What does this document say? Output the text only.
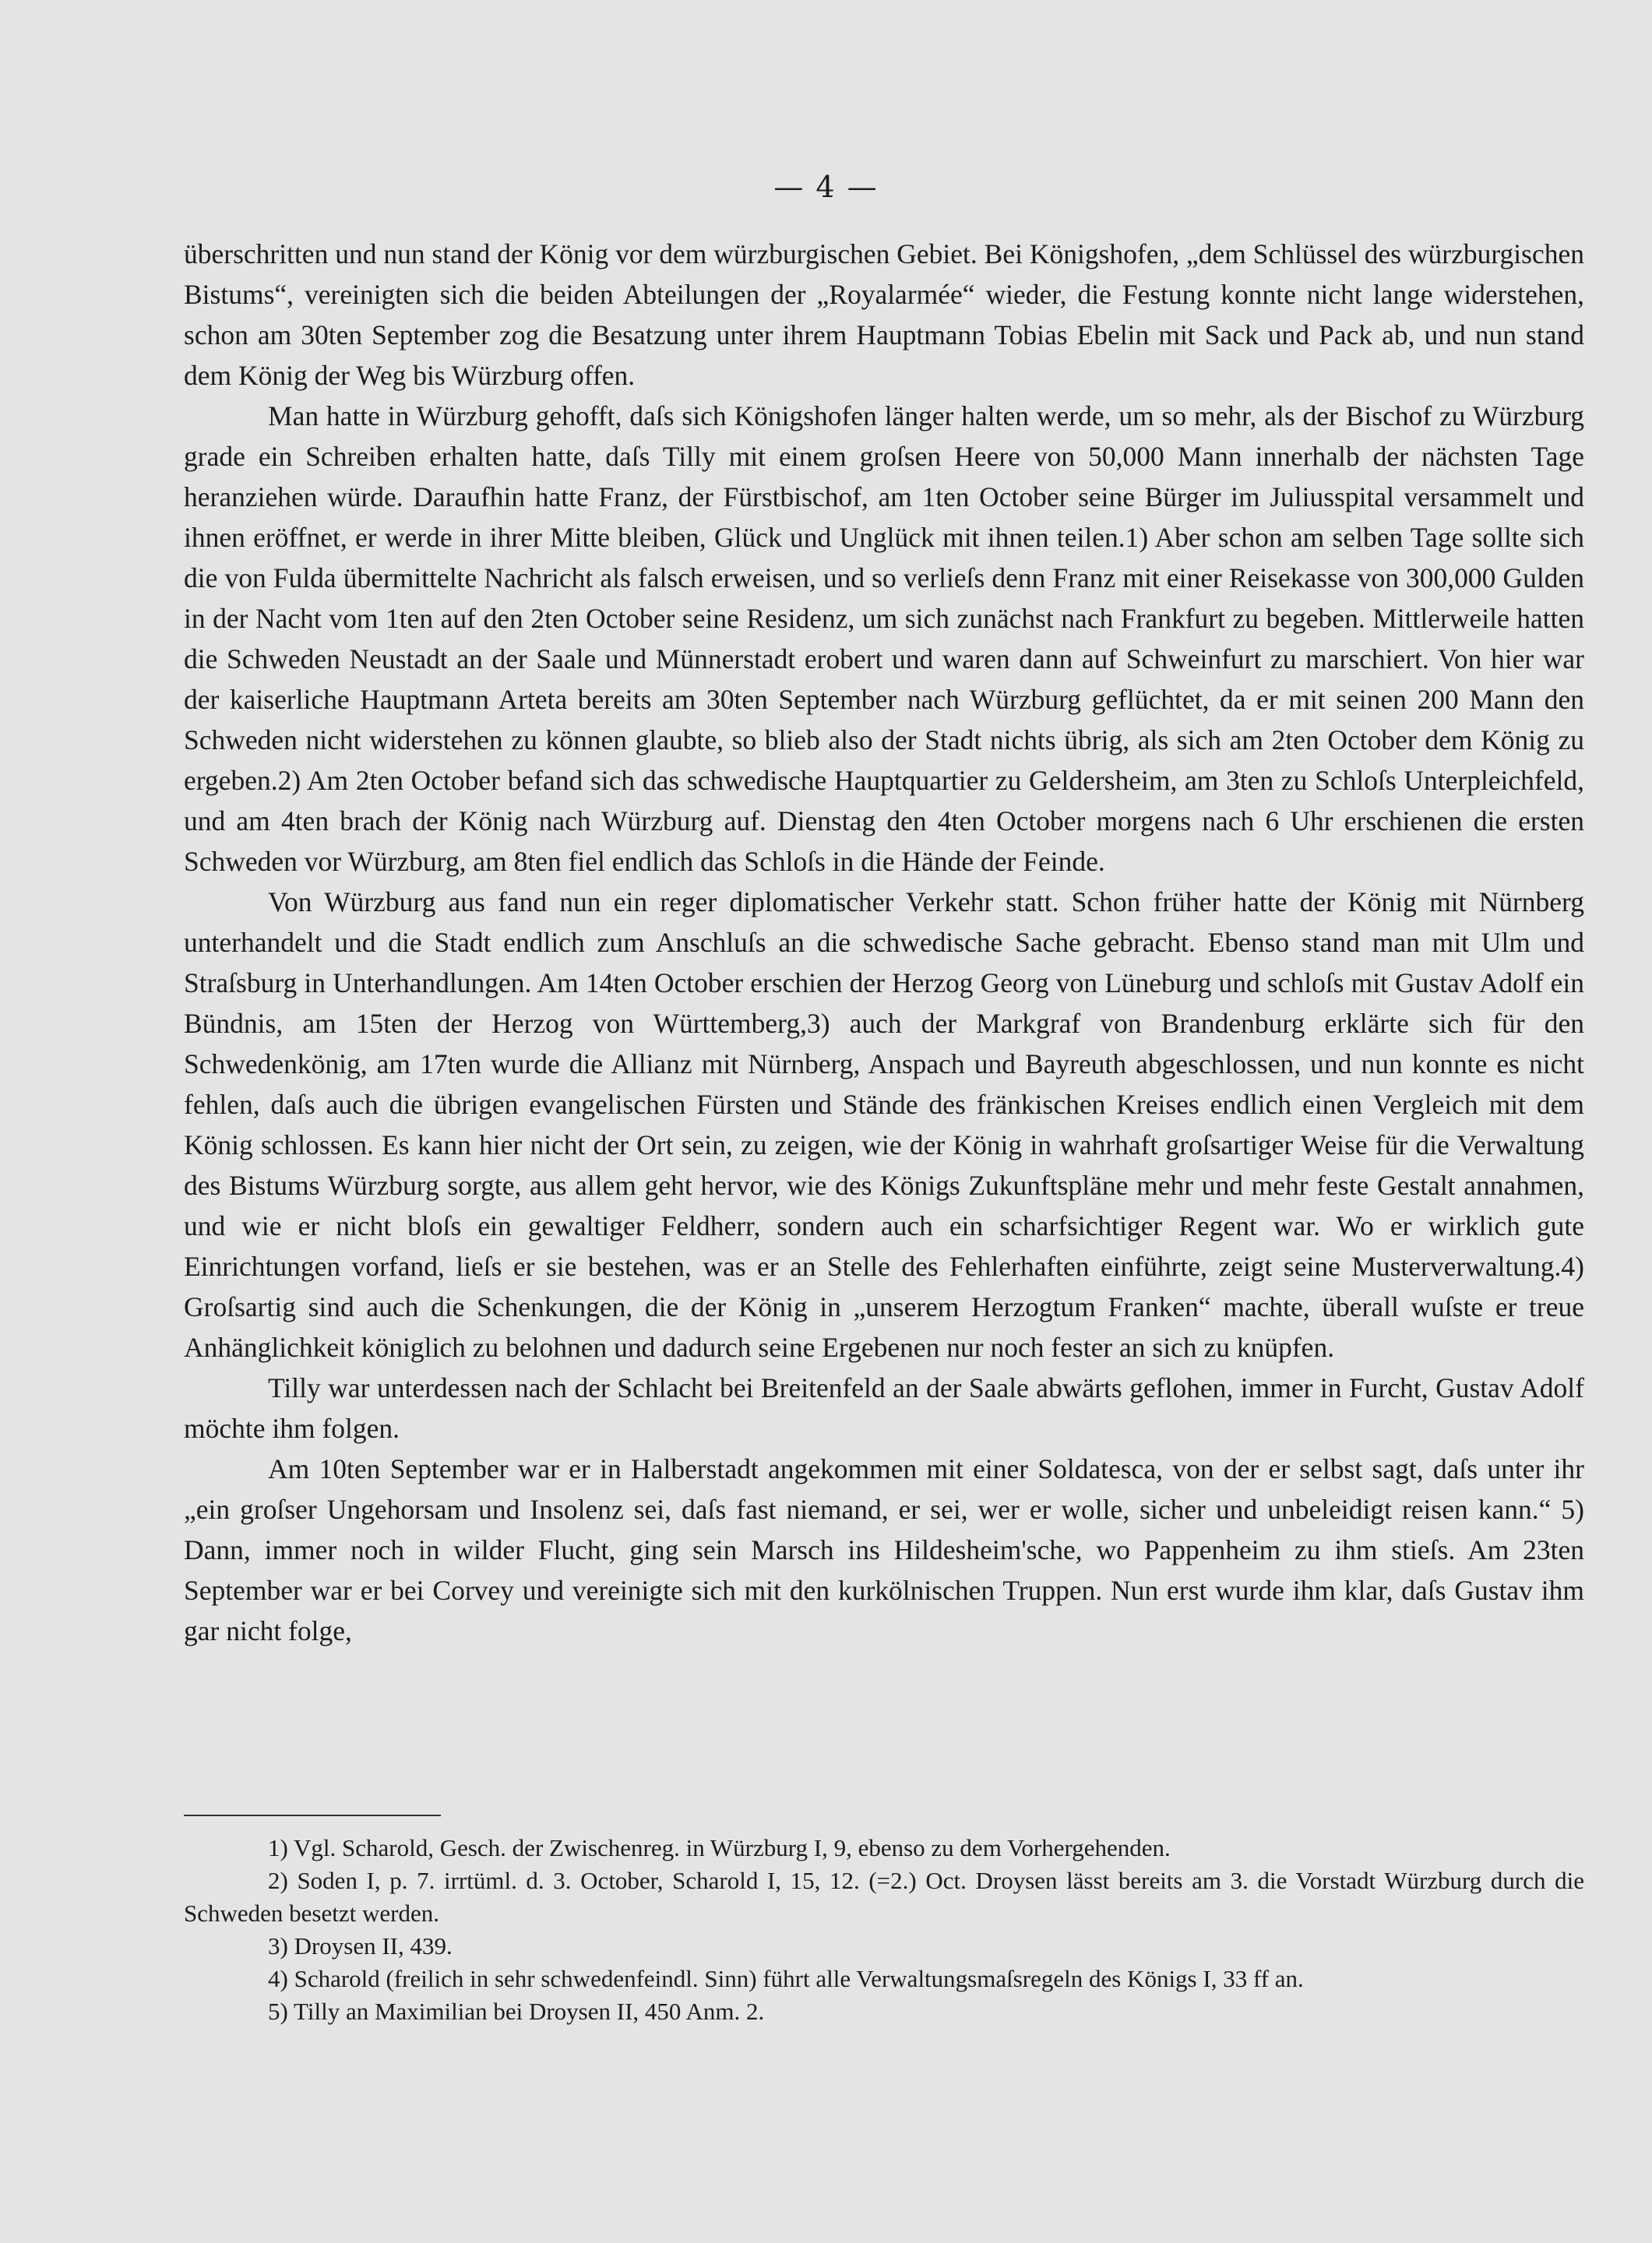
— 4 —

überschritten und nun stand der König vor dem würzburgischen Gebiet. Bei Königshofen, „dem Schlüssel des würzburgischen Bistums“, vereinigten sich die beiden Abteilungen der „Royalarmée“ wieder, die Festung konnte nicht lange widerstehen, schon am 30ten September zog die Besatzung unter ihrem Hauptmann Tobias Ebelin mit Sack und Pack ab, und nun stand dem König der Weg bis Würzburg offen.

Man hatte in Würzburg gehofft, daſs sich Königshofen länger halten werde, um so mehr, als der Bischof zu Würzburg grade ein Schreiben erhalten hatte, daſs Tilly mit einem groſsen Heere von 50,000 Mann innerhalb der nächsten Tage heranziehen würde. Daraufhin hatte Franz, der Fürstbischof, am 1ten October seine Bürger im Juliusspital versammelt und ihnen eröffnet, er werde in ihrer Mitte bleiben, Glück und Unglück mit ihnen teilen.1) Aber schon am selben Tage sollte sich die von Fulda übermittelte Nachricht als falsch erweisen, und so verlieſs denn Franz mit einer Reisekasse von 300,000 Gulden in der Nacht vom 1ten auf den 2ten October seine Residenz, um sich zunächst nach Frankfurt zu begeben. Mittlerweile hatten die Schweden Neustadt an der Saale und Münnerstadt erobert und waren dann auf Schweinfurt zu marschiert. Von hier war der kaiserliche Hauptmann Arteta bereits am 30ten September nach Würzburg geflüchtet, da er mit seinen 200 Mann den Schweden nicht widerstehen zu können glaubte, so blieb also der Stadt nichts übrig, als sich am 2ten October dem König zu ergeben.2) Am 2ten October befand sich das schwedische Hauptquartier zu Geldersheim, am 3ten zu Schloſs Unterpleichfeld, und am 4ten brach der König nach Würzburg auf. Dienstag den 4ten October morgens nach 6 Uhr erschienen die ersten Schweden vor Würzburg, am 8ten fiel endlich das Schloſs in die Hände der Feinde.

Von Würzburg aus fand nun ein reger diplomatischer Verkehr statt. Schon früher hatte der König mit Nürnberg unterhandelt und die Stadt endlich zum Anschluſs an die schwedische Sache gebracht. Ebenso stand man mit Ulm und Straſsburg in Unterhandlungen. Am 14ten October erschien der Herzog Georg von Lüneburg und schloſs mit Gustav Adolf ein Bündnis, am 15ten der Herzog von Württemberg,3) auch der Markgraf von Brandenburg erklärte sich für den Schwedenkönig, am 17ten wurde die Allianz mit Nürnberg, Anspach und Bayreuth abgeschlossen, und nun konnte es nicht fehlen, daſs auch die übrigen evangelischen Fürsten und Stände des fränkischen Kreises endlich einen Vergleich mit dem König schlossen. Es kann hier nicht der Ort sein, zu zeigen, wie der König in wahrhaft groſsartiger Weise für die Verwaltung des Bistums Würzburg sorgte, aus allem geht hervor, wie des Königs Zukunftspläne mehr und mehr feste Gestalt annahmen, und wie er nicht bloſs ein gewaltiger Feldherr, sondern auch ein scharfsichtiger Regent war. Wo er wirklich gute Einrichtungen vorfand, lieſs er sie bestehen, was er an Stelle des Fehlerhaften einführte, zeigt seine Musterverwaltung.4) Groſsartig sind auch die Schenkungen, die der König in „unserem Herzogtum Franken“ machte, überall wuſste er treue Anhänglichkeit königlich zu belohnen und dadurch seine Ergebenen nur noch fester an sich zu knüpfen.

Tilly war unterdessen nach der Schlacht bei Breitenfeld an der Saale abwärts geflohen, immer in Furcht, Gustav Adolf möchte ihm folgen.

Am 10ten September war er in Halberstadt angekommen mit einer Soldatesca, von der er selbst sagt, daſs unter ihr „ein groſser Ungehorsam und Insolenz sei, daſs fast niemand, er sei, wer er wolle, sicher und unbeleidigt reisen kann.“ 5) Dann, immer noch in wilder Flucht, ging sein Marsch ins Hildesheim'sche, wo Pappenheim zu ihm stieſs. Am 23ten September war er bei Corvey und vereinigte sich mit den kurkölnischen Truppen. Nun erst wurde ihm klar, daſs Gustav ihm gar nicht folge,

1) Vgl. Scharold, Gesch. der Zwischenreg. in Würzburg I, 9, ebenso zu dem Vorhergehenden.

2) Soden I, p. 7. irrtüml. d. 3. October, Scharold I, 15, 12. (=2.) Oct. Droysen lässt bereits am 3. die Vorstadt Würzburg durch die Schweden besetzt werden.

3) Droysen II, 439.

4) Scharold (freilich in sehr schwedenfeindl. Sinn) führt alle Verwaltungsmaſsregeln des Königs I, 33 ff an.

5) Tilly an Maximilian bei Droysen II, 450 Anm. 2.
